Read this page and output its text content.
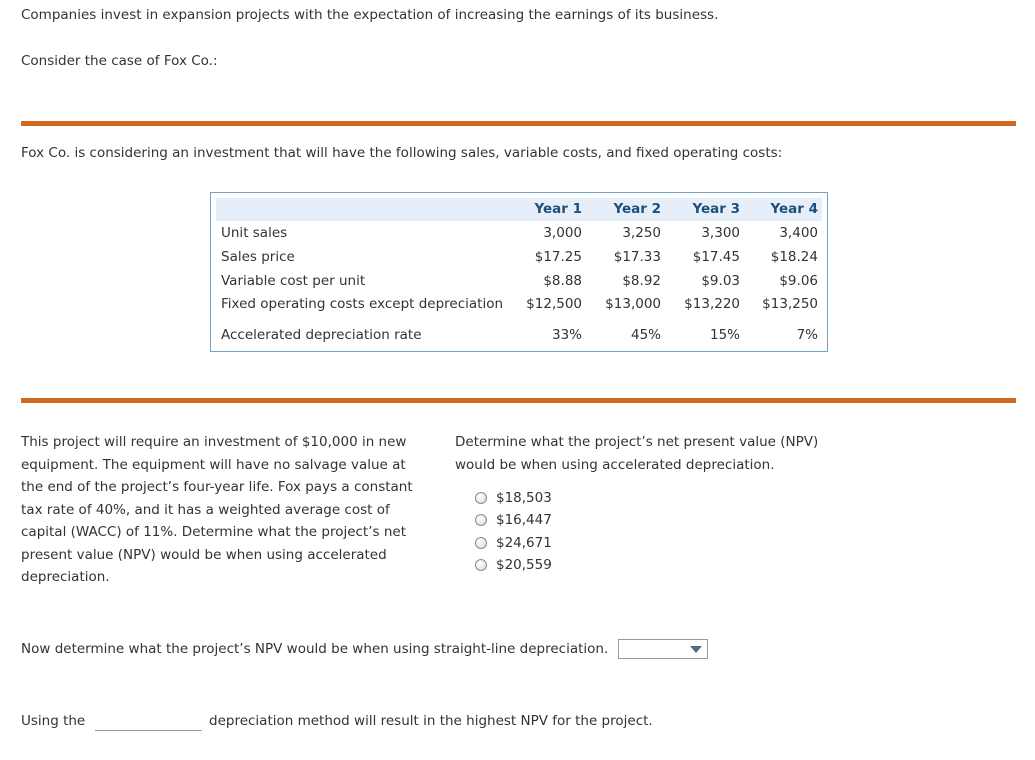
Companies invest in expansion projects with the expectation of increasing the earnings of its business.
Consider the case of Fox Co.:
Fox Co. is considering an investment that will have the following sales, variable costs, and fixed operating costs:
Year 1 Year 2 Year 3 Year 4
Unit sales	3,000	3,250	3,300	3,400
Sales price	$17.25 $17.33 $17.45 $18.24
Variable cost per unit	$8.88	$8.92	$9.03	$9.06
Fixed operating costs except depreciation $12,500 $13,000 $13,220 $13,250
Accelerated depreciation rate	33%	45%	15%	7%
This project will require an investment of $10,000 in new equipment. The equipment will have no salvage value at the end of the project’s four-year life. Fox pays a constant tax rate of 40%, and it has a weighted average cost of capital (WACC) of 11%. Determine what the project’s net present value (NPV) would be when using accelerated depreciation.
Determine what the project’s net present value (NPV) would be when using accelerated depreciation.
$18,503
$16,447
$24,671
$20,559
Now determine what the project’s NPV would be when using straight-line depreciation.
Using the	depreciation method will result in the highest NPV for the project.
